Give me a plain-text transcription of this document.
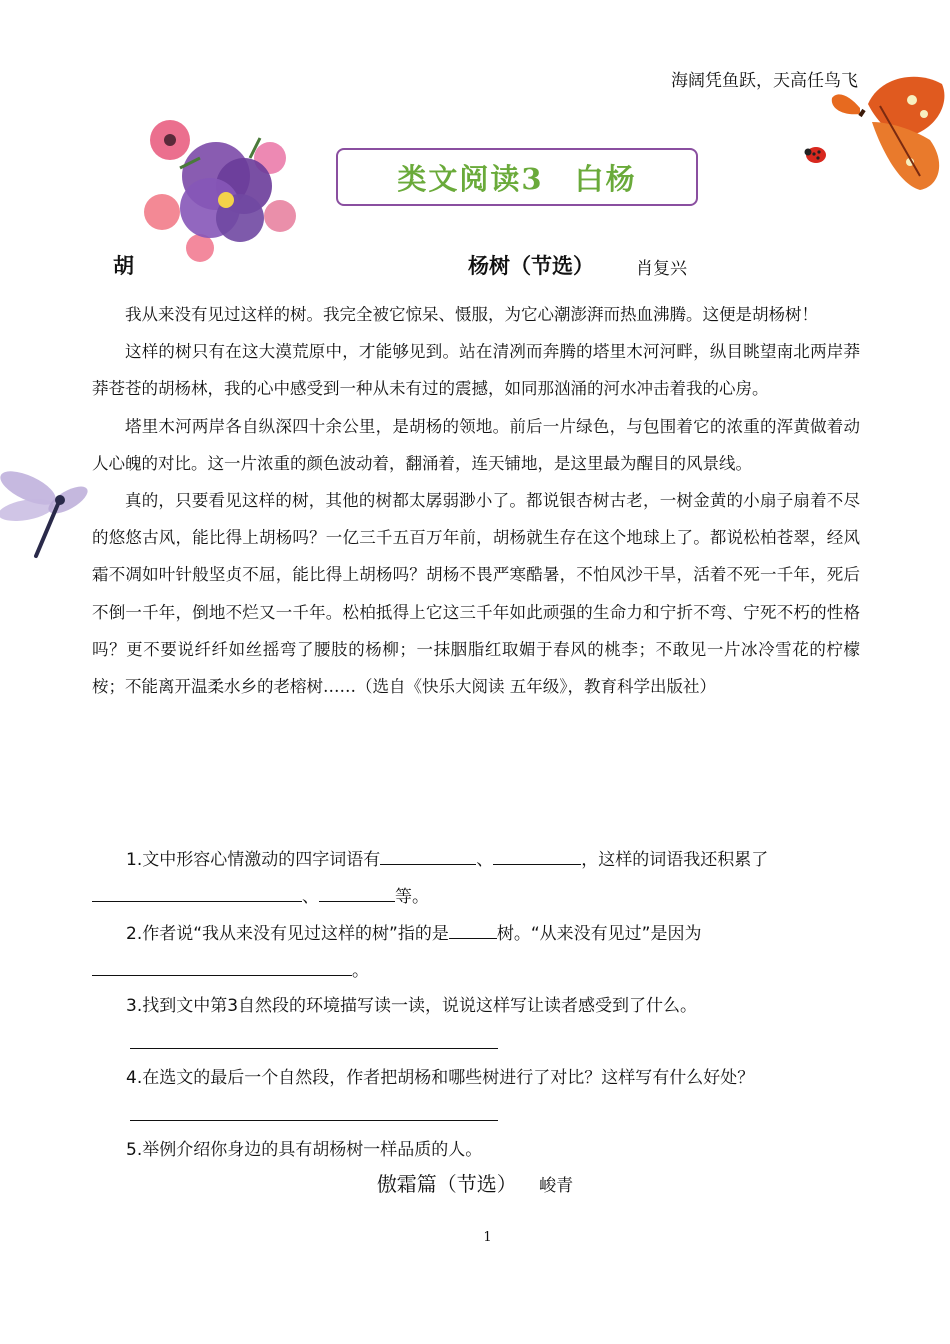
海阔凭鱼跃，天高任鸟飞
类文阅读3　白杨
胡	杨树（节选） 肖复兴

我从来没有见过这样的树。我完全被它惊呆、慑服，为它心潮澎湃而热血沸腾。这便是胡杨树！

这样的树只有在这大漠荒原中，才能够见到。站在清冽而奔腾的塔里木河河畔，纵目眺望南北两岸莽莽苍苍的胡杨林，我的心中感受到一种从未有过的震撼，如同那汹涌的河水冲击着我的心房。

塔里木河两岸各自纵深四十余公里，是胡杨的领地。前后一片绿色，与包围着它的浓重的浑黄做着动人心魄的对比。这一片浓重的颜色波动着，翻涌着，连天铺地，是这里最为醒目的风景线。

真的，只要看见这样的树，其他的树都太孱弱渺小了。都说银杏树古老，一树金黄的小扇子扇着不尽的悠悠古风，能比得上胡杨吗？一亿三千五百万年前，胡杨就生存在这个地球上了。都说松柏苍翠，经风霜不凋如叶针般坚贞不屈，能比得上胡杨吗？胡杨不畏严寒酷暑，不怕风沙干旱，活着不死一千年，死后不倒一千年，倒地不烂又一千年。松柏抵得上它这三千年如此顽强的生命力和宁折不弯、宁死不朽的性格吗？更不要说纤纤如丝摇弯了腰肢的杨柳；一抹胭脂红取媚于春风的桃李；不敢见一片冰冷雪花的柠檬桉；不能离开温柔水乡的老榕树……（选自《快乐大阅读 五年级》，教育科学出版社）

1.文中形容心情激动的四字词语有	、	，这样的词语我还积累了、	等。

2.作者说“我从来没有见过这样的树”指的是	树。“从来没有见过”是因为。

3.找到文中第3自然段的环境描写读一读，说说这样写让读者感受到了什么。

4.在选文的最后一个自然段，作者把胡杨和哪些树进行了对比？这样写有什么好处？

5.举例介绍你身边的具有胡杨树一样品质的人。

傲霜篇（节选） 峻青
1
